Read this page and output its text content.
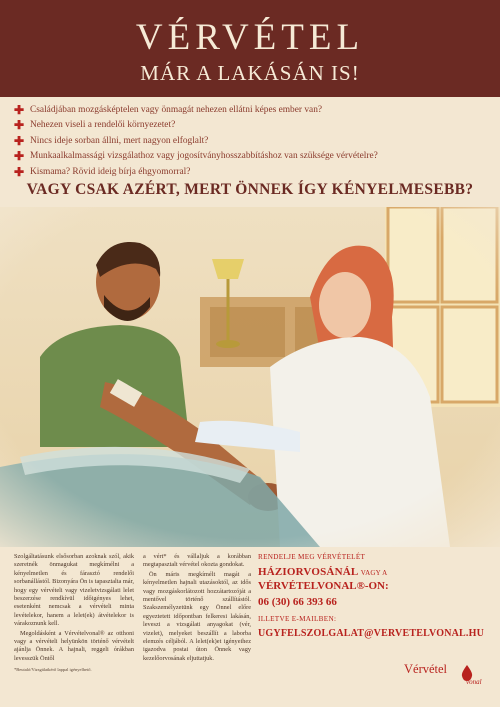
VÉRVÉTEL
MÁR A LAKÁSÁN IS!
✚ Családjában mozgásképtelen vagy önmagát nehezen ellátni képes ember van?
✚ Nehezen viseli a rendelői környezetet?
✚ Nincs ideje sorban állni, mert nagyon elfoglalt?
✚ Munkaalkalmassági vizsgálathoz vagy jogosítványhosszabbításhoz van szüksége vérvételre?
✚ Kismama? Rövid ideig bírja éhgyomorral?
VAGY CSAK AZÉRT, MERT ÖNNEK ÍGY KÉNYELMESEBB?

Szolgáltatásunk elsősorban azoknak szól, akik szeretnék önmagukat megkímélni a kényelmetlen és fárasztó rendelői sorbanállástól. Bizonyára Ön is tapasztalta már, hogy egy vérvételi vagy vizeletvizsgálati lelet beszerzése rendkívül időigényes lehet, esetenként nemcsak a vérvételi minta levételekor, hanem a lelet(ek) átvételekor is várakoznunk kell.

Megoldásként a Vérvételvonal® az otthoni vagy a vérvételi helyünkön történő vérvételt ajánlja Önnek. A hajnali, reggeli órákban levesszük Öntől

*Beutaló/Vizsgálatkérő lappal igényelhető.

a vért* és vállaljuk a korábban megtapasztalt vérvétel okozta gondokat.

Ön máris megkímélt magát a kényelmetlen hajnali utazásoktól, az idős vagy mozgáskorlátozott hozzátartozóját a mentővel történő szállítástól. Szakszemélyzetünk egy Önnel előre egyeztetett időpontban felkeresi lakásán, leveszi a vizsgálati anyagokat (vér, vizelet), melyeket beszállít a laborba elemzés céljából. A lelet(ek)et igényeihez igazodva postai úton Önnek vagy kezelőorvosának eljuttatjuk.

RENDELJE MEG VÉRVÉTELÉT
HÁZIORVOSÁNÁL VAGY A
VÉRVÉTELVONAL®-ON:
06 (30) 66 393 66
ILLETVE E-MAILBEN:
UGYFELSZOLGALAT@VERVETELVONAL.HU
Vérvétel
vonal
